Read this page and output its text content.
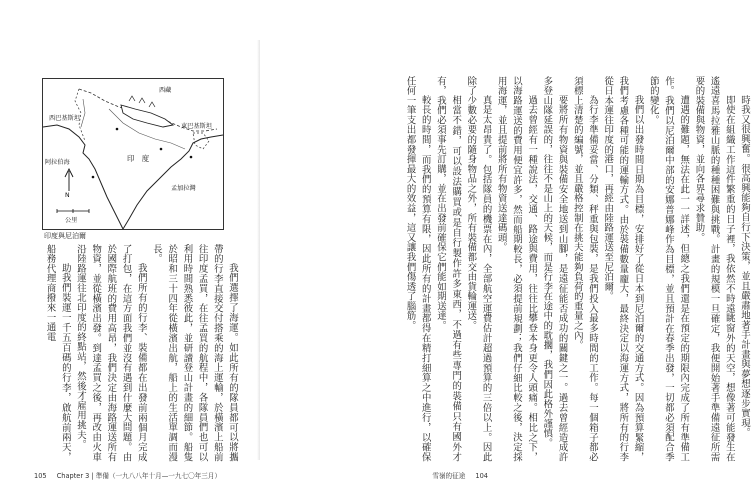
西藏
西巴基斯坦
東巴基斯坦
印　度
阿拉伯海
孟加拉灣
N
公里
印度與尼泊爾

我們選擇了海運。如此所有的隊員都可以將攜帶的行李直接交付搭乘的海上運輸，於橫濱上船前往印度孟買，在往孟買的航程中，各隊員們也可以利用時間熟悉彼此，並研讀登山計畫的細節。船隻於昭和三十四年從橫濱出航，船上的生活單調而漫長。

我們所有的行李、裝備都在出發前兩個月完成了打包，在這方面我們並沒有遇到什麼大問題。由於國際航班的費用高昂，我們決定由海路運送所有物資，並從橫濱出發。到達孟買之後，再改由火車沿陸路運往北印度的終點站，然後才雇用挑夫。

助我們裝運一千五百碼的行李，啟航前兩天，船務代理商撥來一通電

105 Chapter 3 | 準備（一九八八年十月—一九七〇年三月）

時我又很興奮。很高興能夠自行下決策，並且嚴肅地著手計畫與夢想逐步實現。

即使在組織工作這件繁重的日子裡，我依然不時遠眺窗外的天空，想像著可能發生在遙遠喜馬拉雅山脈的種種困難與挑戰。計畫的規模一旦確定，我便開始著手準備遠征所需要的裝備與物資，並向各界尋求贊助。

遭遇的難題，無法在此一一詳述，但總之我們還是在預定的期限內完成了所有準備工作。我們以尼泊爾中部的安娜普娜峰作為目標，並且預計在春季出發，一切都必須配合季節的變化。

我們以出發時間日期為目標，安排好了從日本到尼泊爾的交通方式。因為預算緊縮，我們考慮各種可能的運輸方式。由於裝備數量龐大，最終決定以海運方式，將所有的行李從日本運往印度的港口，再經由陸路運送至尼泊爾。

為行李準備妥當、分類、秤重與包裝，是我們投入最多時間的工作。每一個箱子都必須標上清楚的編號，並且嚴格控制在挑夫能夠負荷的重量之內。

要將所有物資與裝備安全地送到山腳，是遠征能否成功的關鍵之一。過去曾經造成許多登山隊延誤的，往往不是山上的天候，而是行李在途中的耽擱，我們因此格外謹慎。

過去曾經有一種說法，交通、路途與費用，往往比攀登本身更令人頭痛。相比之下，以海路運送的費用便宜許多，然而船期較長，必須提前規劃；我們仔細比較之後，決定採用海運，並且提前將所有物資送達碼頭。

真是太昂貴了。包括隊員的機票在內，全部航空運費估計超過預算的三倍以上。因此除了少數必要的隨身物品之外，所有裝備都交由貨輪運送。

相當不錯，可以設法購買或是自行製作許多東西，不過有些專門的裝備只有國外才有，我們必須事先訂購，並在出發前確保它們能如期送達。

較長的時間，而我們的預算有限，因此所有的計畫都得在精打細算之中進行，以確保任何一筆支出都發揮最大的效益，這又讓我們傷透了腦筋。

雪嶺的征途 104
